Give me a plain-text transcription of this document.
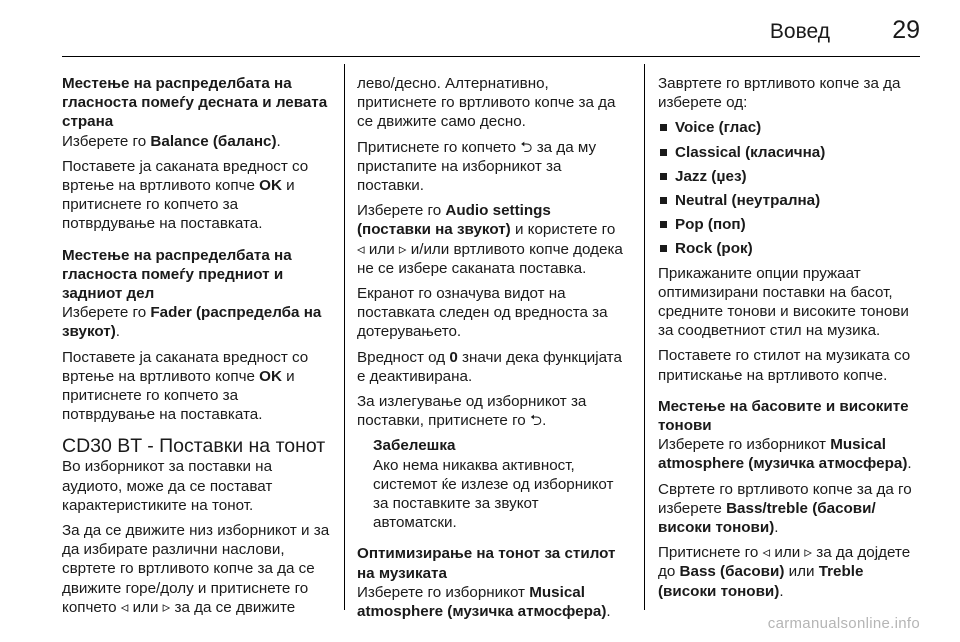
Вовед 29
Местење на распределбата на гласноста помеѓу десната и левата страна

Изберете го Balance (баланс).

Поставете ја саканата вредност со вртење на вртливото копче OK и притиснете го копчето за потврдување на поставката.

Местење на распределбата на гласноста помеѓу предниот и задниот дел

Изберете го Fader (распределба на звукот).

Поставете ја саканата вредност со вртење на вртливото копче OK и притиснете го копчето за потврдување на поставката.

CD30 BT - Поставки на тонот

Во изборникот за поставки на аудиото, може да се постават карактеристиките на тонот.

За да се движите низ изборникот и за да избирате различни наслови, свртете го вртливото копче за да се движите горе/долу и притиснете го копчето ◃ или ▹ за да се движите

лево/десно. Алтернативно, притиснете го вртливото копче за да се движите само десно.

Притиснете го копчето ⮌ за да му пристапите на изборникот за поставки.

Изберете го Audio settings (поставки на звукот) и користете го ◃ или ▹ и/или вртливото копче додека не се избере саканата поставка.

Екранот го означува видот на поставката следен од вредноста за дотерувањето.

Вредност од 0 значи дека функцијата е деактивирана.

За излегување од изборникот за поставки, притиснете го ⮌.

Забелешка

Ако нема никаква активност, системот ќе излезе од изборникот за поставките за звукот автоматски.

Оптимизирање на тонот за стилот на музиката

Изберете го изборникот Musical atmosphere (музичка атмосфера).

Завртете го вртливото копче за да изберете од:

Voice (глас)
Classical (класична)
Jazz (џез)
Neutral (неутрална)
Pop (поп)
Rock (рок)

Прикажаните опции пружаат оптимизирани поставки на басот, средните тонови и високите тонови за соодветниот стил на музика.

Поставете го стилот на музиката со притискање на вртливото копче.

Местење на басовите и високите тонови

Изберете го изборникот Musical atmosphere (музичка атмосфера).

Свртете го вртливото копче за да го изберете Bass/treble (басови/ високи тонови).

Притиснете го ◃ или ▹ за да дојдете до Bass (басови) или Treble (високи тонови).

carmanualsonline.info
